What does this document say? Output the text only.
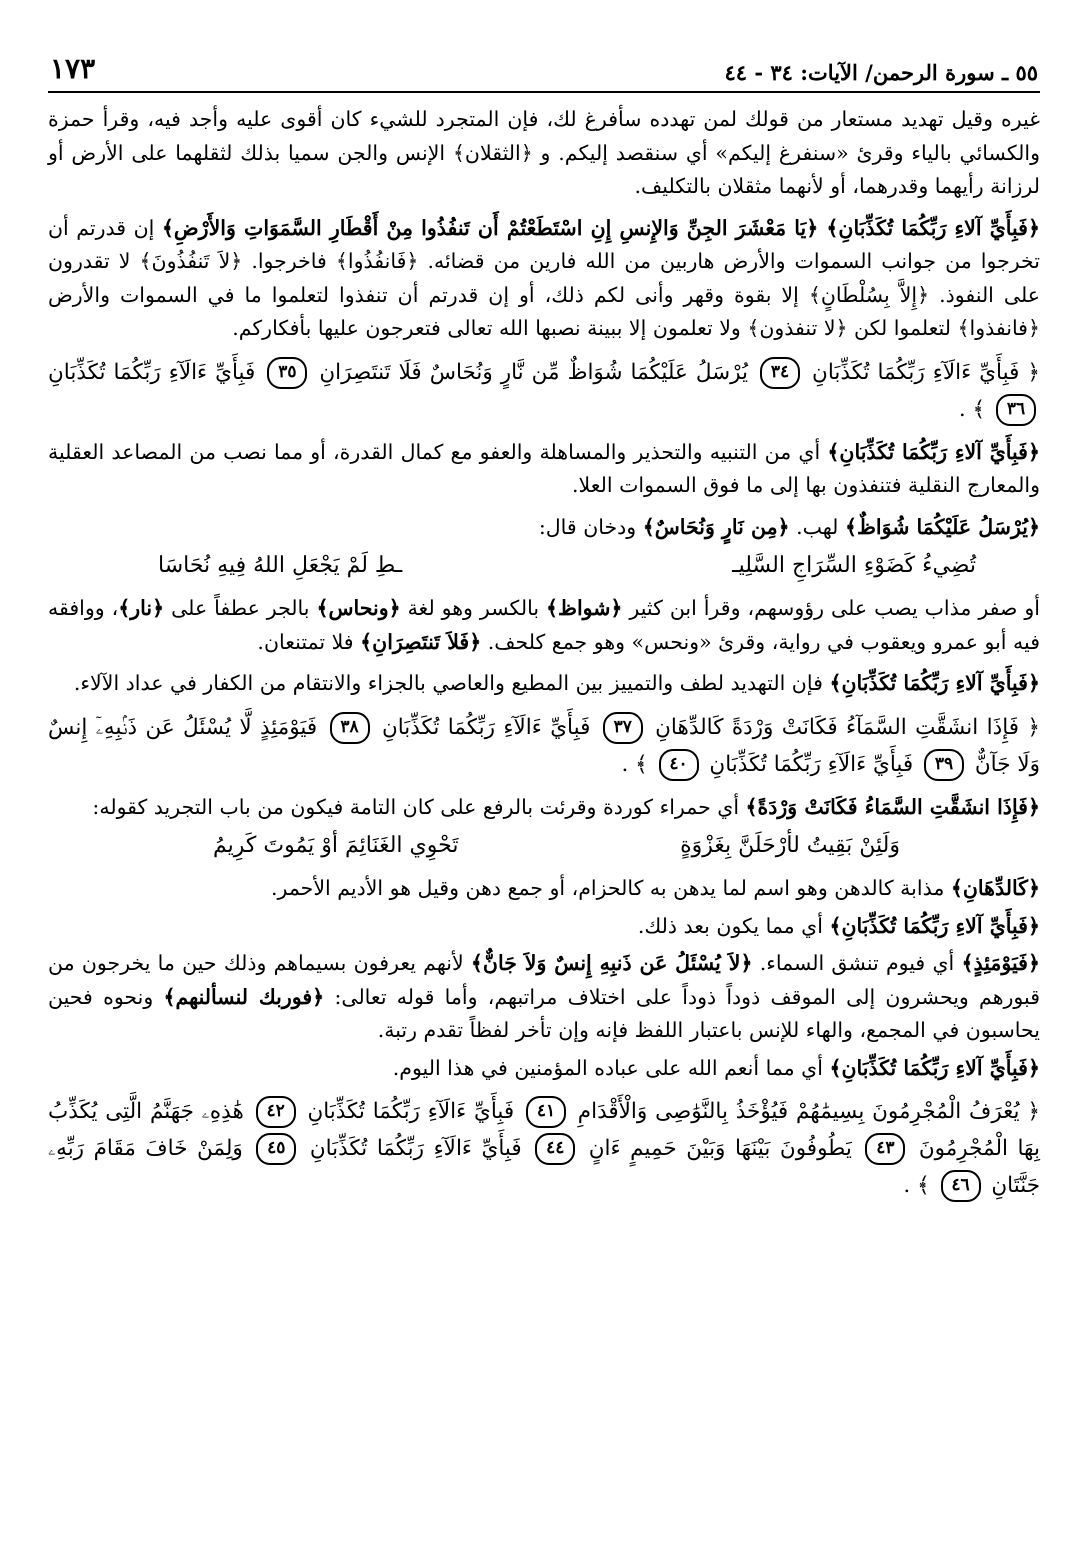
٥٥ ـ سورة الرحمن/ الآيات: ٣٤ - ٤٤
١٧٣

غيره وقيل تهديد مستعار من قولك لمن تهدده سأفرغ لك، فإن المتجرد للشيء كان أقوى عليه وأجد فيه، وقرأ حمزة والكسائي بالياء وقرئ «سنفرغ إليكم» أي سنقصد إليكم. و ﴿الثقلان﴾ الإنس والجن سميا بذلك لثقلهما على الأرض أو لرزانة رأيهما وقدرهما، أو لأنهما مثقلان بالتكليف.

﴿فَبِأَيِّ آلاءِ رَبِّكُمَا تُكَذِّبَانِ﴾ ﴿يَا مَعْشَرَ الجِنِّ وَالإِنسِ إِنِ اسْتَطَعْتُمْ أَن تَنفُذُوا مِنْ أَقْطَارِ السَّمَوَاتِ وَالأَرْضِ﴾ إن قدرتم أن تخرجوا من جوانب السموات والأرض هاربين من الله فارين من قضائه. ﴿فَانفُذُوا﴾ فاخرجوا. ﴿لاَ تَنفُذُونَ﴾ لا تقدرون على النفوذ. ﴿إِلاَّ بِسُلْطَانٍ﴾ إلا بقوة وقهر وأنى لكم ذلك، أو إن قدرتم أن تنفذوا لتعلموا ما في السموات والأرض ﴿فانفذوا﴾ لتعلموا لكن ﴿لا تنفذون﴾ ولا تعلمون إلا ببينة نصبها الله تعالى فتعرجون عليها بأفكاركم.

﴿ فَبِأَيِّ ءَالَآءِ رَبِّكُمَا تُكَذِّبَانِ ٣٤ يُرْسَلُ عَلَيْكُمَا شُوَاظٌ مِّن نَّارٍ وَنُحَاسٌ فَلَا تَنتَصِرَانِ ٣٥ فَبِأَيِّ ءَالَآءِ رَبِّكُمَا تُكَذِّبَانِ ٣٦ ﴾ .

﴿فَبِأَيِّ آلاءِ رَبِّكُمَا تُكَذِّبَانِ﴾ أي من التنبيه والتحذير والمساهلة والعفو مع كمال القدرة، أو مما نصب من المصاعد العقلية والمعارج النقلية فتنفذون بها إلى ما فوق السموات العلا.

﴿يُرْسَلُ عَلَيْكُمَا شُوَاظٌ﴾ لهب. ﴿مِن نَارٍ وَنُحَاسٌ﴾ ودخان قال:

تُضِيءُ كَضَوْءِ السِّرَاجِ السَّلِيـ
ـطِ لَمْ يَجْعَلِ اللهُ فِيهِ نُحَاسَا

أو صفر مذاب يصب على رؤوسهم، وقرأ ابن كثير ﴿شواظ﴾ بالكسر وهو لغة ﴿ونحاس﴾ بالجر عطفاً على ﴿نار﴾، ووافقه فيه أبو عمرو ويعقوب في رواية، وقرئ «ونحس» وهو جمع كلحف. ﴿فَلاَ تَنتَصِرَانِ﴾ فلا تمتنعان.

﴿فَبِأَيِّ آلاءِ رَبِّكُمَا تُكَذِّبَانِ﴾ فإن التهديد لطف والتمييز بين المطيع والعاصي بالجزاء والانتقام من الكفار في عداد الآلاء.

﴿ فَإِذَا انشَقَّتِ السَّمَآءُ فَكَانَتْ وَرْدَةً كَالدِّهَانِ ٣٧ فَبِأَيِّ ءَالَآءِ رَبِّكُمَا تُكَذِّبَانِ ٣٨ فَيَوْمَئِذٍ لَّا يُسْئَلُ عَن ذَنۢبِهِۦٓ إِنسٌ وَلَا جَآنٌّ ٣٩ فَبِأَيِّ ءَالَآءِ رَبِّكُمَا تُكَذِّبَانِ ٤٠ ﴾ .

﴿فَإِذَا انشَقَّتِ السَّمَاءُ فَكَانَتْ وَرْدَةً﴾ أي حمراء كوردة وقرئت بالرفع على كان التامة فيكون من باب التجريد كقوله:

وَلَئِنْ بَقِيتُ لأرْحَلَنَّ بِغَزْوَةٍ
تَحْوِي الغَنَائِمَ أوْ يَمُوتَ كَرِيمُ

﴿كَالدِّهَانِ﴾ مذابة كالدهن وهو اسم لما يدهن به كالحزام، أو جمع دهن وقيل هو الأديم الأحمر.

﴿فَبِأَيِّ آلاءِ رَبِّكُمَا تُكَذِّبَانِ﴾ أي مما يكون بعد ذلك.

﴿فَيَوْمَئِذٍ﴾ أي فيوم تنشق السماء. ﴿لاَ يُسْئَلُ عَن ذَنبِهِ إِنسٌ وَلاَ جَانٌّ﴾ لأنهم يعرفون بسيماهم وذلك حين ما يخرجون من قبورهم ويحشرون إلى الموقف ذوداً ذوداً على اختلاف مراتبهم، وأما قوله تعالى: ﴿فوربك لنسألنهم﴾ ونحوه فحين يحاسبون في المجمع، والهاء للإنس باعتبار اللفظ فإنه وإن تأخر لفظاً تقدم رتبة.

﴿فَبِأَيِّ آلاءِ رَبِّكُمَا تُكَذِّبَانِ﴾ أي مما أنعم الله على عباده المؤمنين في هذا اليوم.

﴿ يُعْرَفُ الْمُجْرِمُونَ بِسِيمَٰهُمْ فَيُؤْخَذُ بِالنَّوَٰصِى وَالْأَقْدَامِ ٤١ فَبِأَيِّ ءَالَآءِ رَبِّكُمَا تُكَذِّبَانِ ٤٢ هَٰذِهِۦ جَهَنَّمُ الَّتِى يُكَذِّبُ بِهَا الْمُجْرِمُونَ ٤٣ يَطُوفُونَ بَيْنَهَا وَبَيْنَ حَمِيمٍ ءَانٍ ٤٤ فَبِأَيِّ ءَالَآءِ رَبِّكُمَا تُكَذِّبَانِ ٤٥ وَلِمَنْ خَافَ مَقَامَ رَبِّهِۦ جَنَّتَانِ ٤٦ ﴾ .
